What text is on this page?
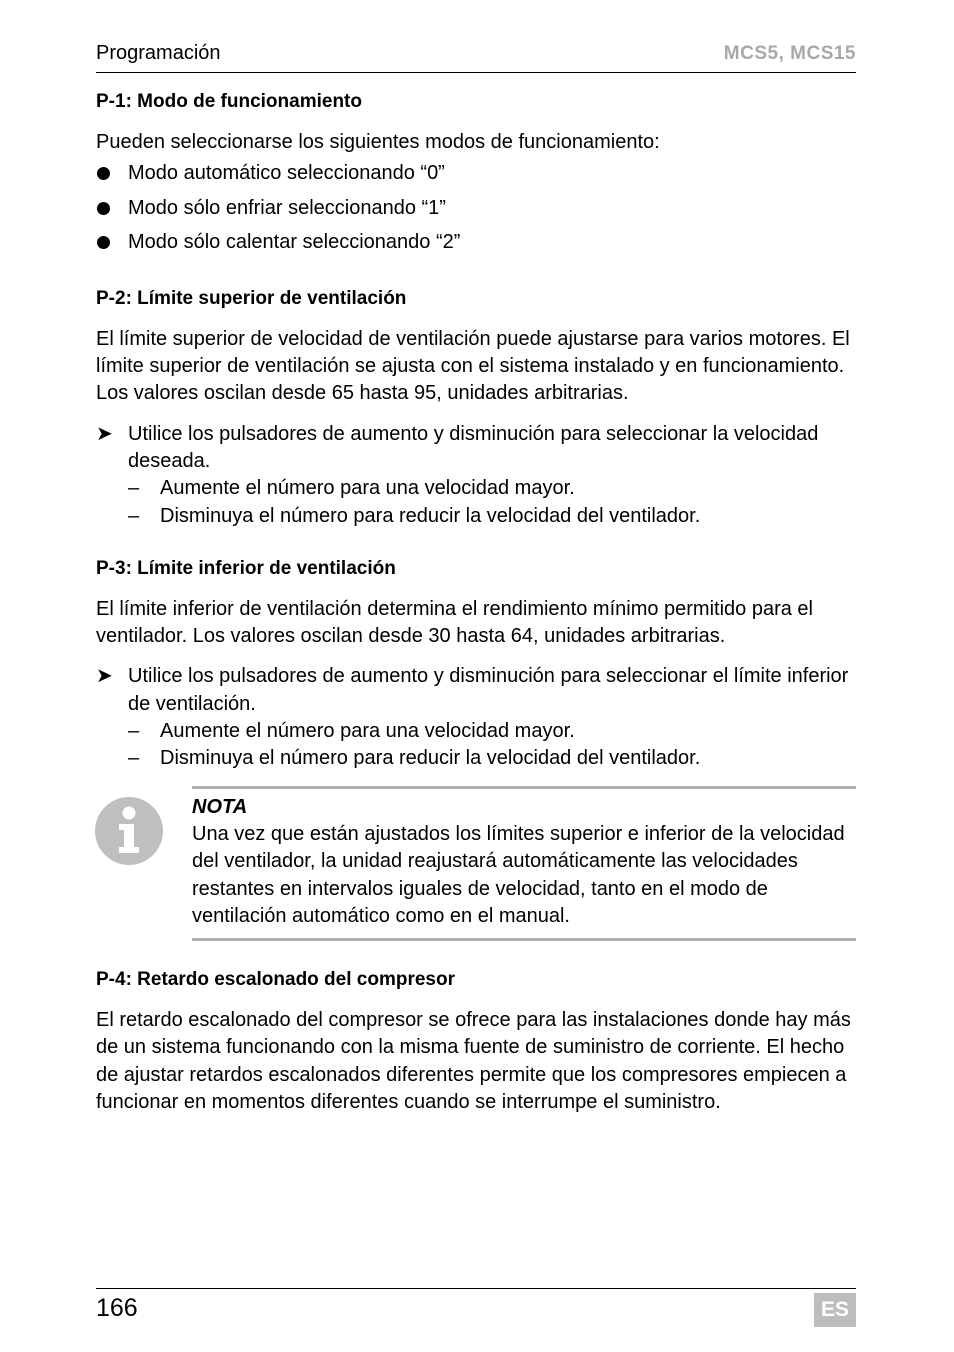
Programación	MCS5, MCS15
P-1: Modo de funcionamiento

Pueden seleccionarse los siguientes modos de funcionamiento:

Modo automático seleccionando “0”
Modo sólo enfriar seleccionando “1”
Modo sólo calentar seleccionando “2”
P-2: Límite superior de ventilación

El límite superior de velocidad de ventilación puede ajustarse para varios motores. El límite superior de ventilación se ajusta con el sistema instalado y en funcionamiento. Los valores oscilan desde 65 hasta 95, unidades arbitrarias.

➤ Utilice los pulsadores de aumento y disminución para seleccionar la velocidad deseada.
– Aumente el número para una velocidad mayor.
– Disminuya el número para reducir la velocidad del ventilador.
P-3: Límite inferior de ventilación

El límite inferior de ventilación determina el rendimiento mínimo permitido para el ventilador. Los valores oscilan desde 30 hasta 64, unidades arbitrarias.

➤ Utilice los pulsadores de aumento y disminución para seleccionar el límite inferior de ventilación.
– Aumente el número para una velocidad mayor.
– Disminuya el número para reducir la velocidad del ventilador.
NOTA
Una vez que están ajustados los límites superior e inferior de la velocidad del ventilador, la unidad reajustará automáticamente las velocidades restantes en intervalos iguales de velocidad, tanto en el modo de ventilación automático como en el manual.
P-4: Retardo escalonado del compresor

El retardo escalonado del compresor se ofrece para las instalaciones donde hay más de un sistema funcionando con la misma fuente de suministro de corriente. El hecho de ajustar retardos escalonados diferentes permite que los compresores empiecen a funcionar en momentos diferentes cuando se interrumpe el suministro.

166	ES
